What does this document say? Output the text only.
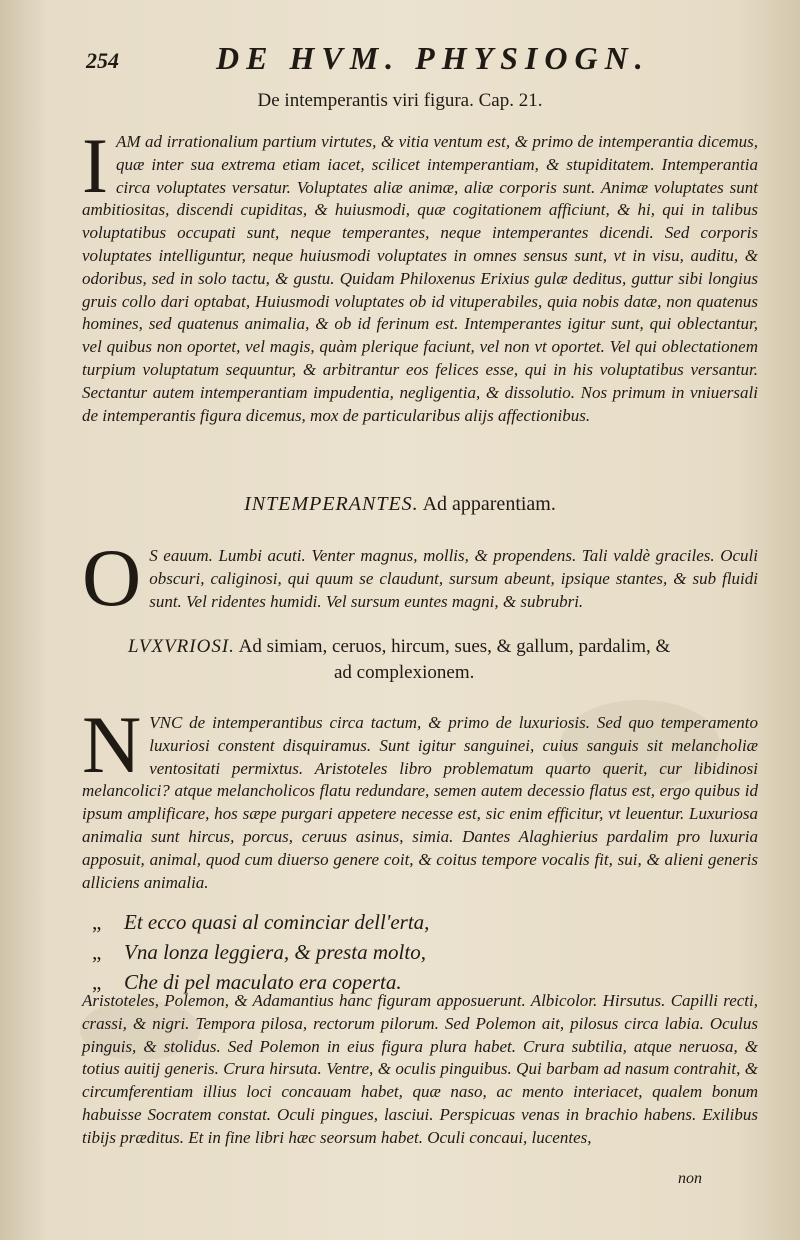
254	DE HVM. PHYSIOGN.
De intemperantis viri figura. Cap. 21.
I AM ad irrationalium partium virtutes, & vitia ventum est, & primo de intemperantia dicemus, quæ inter sua extrema etiam iacet, scilicet intemperantiam, & stupiditatem. Intemperantia circa voluptates versatur. Voluptates aliæ animæ, aliæ corporis sunt. Animæ voluptates sunt ambitiositas, discendi cupiditas, & huiusmodi, quæ cogitationem afficiunt, & hi, qui in talibus voluptatibus occupati sunt, neque temperantes, neque intemperantes dicendi. Sed corporis voluptates intelliguntur, neque huiusmodi voluptates in omnes sensus sunt, vt in visu, auditu, & odoribus, sed in solo tactu, & gustu. Quidam Philoxenus Erixius gulæ deditus, guttur sibi longius gruis collo dari optabat, Huiusmodi voluptates ob id vituperabiles, quia nobis datæ, non quatenus homines, sed quatenus animalia, & ob id ferinum est. Intemperantes igitur sunt, qui oblectantur, vel quibus non oportet, vel magis, quàm plerique faciunt, vel non vt oportet. Vel qui oblectationem turpium voluptatum sequuntur, & arbitrantur eos felices esse, qui in his voluptatibus versantur. Sectantur autem intemperantiam impudentia, negligentia, & dissolutio. Nos primum in vniuersali de intemperantis figura dicemus, mox de particularibus alijs affectionibus.
INTEMPERANTES. Ad apparentiam.
O S eauum. Lumbi acuti. Venter magnus, mollis, & propendens. Tali valdè graciles. Oculi obscuri, caliginosi, qui quum se claudunt, sursum abeunt, ipsique stantes, & sub fluidi sunt. Vel ridentes humidi. Vel sursum euntes magni, & subrubri.
LVXVRIOSI. Ad simiam, ceruos, hircum, sues, & gallum, pardalim, &
ad complexionem.
N VNC de intemperantibus circa tactum, & primo de luxuriosis. Sed quo temperamento luxuriosi constent disquiramus. Sunt igitur sanguinei, cuius sanguis sit melancholiæ ventositati permixtus. Aristoteles libro problematum quarto querit, cur libidinosi melancolici? atque melancholicos flatu redundare, semen autem decessio flatus est, ergo quibus id ipsum amplificare, hos sæpe purgari appetere necesse est, sic enim efficitur, vt leuentur. Luxuriosa animalia sunt hircus, porcus, ceruus asinus, simia. Dantes Alaghierius pardalim pro luxuria apposuit, animal, quod cum diuerso genere coit, & coitus tempore vocalis fit, sui, & alieni generis alliciens animalia.
„ Et ecco quasi al cominciar dell'erta,
„ Vna lonza leggiera, & presta molto,
„ Che di pel maculato era coperta.
Aristoteles, Polemon, & Adamantius hanc figuram apposuerunt. Albicolor. Hirsutus. Capilli recti, crassi, & nigri. Tempora pilosa, rectorum pilorum. Sed Polemon ait, pilosus circa labia. Oculus pinguis, & stolidus. Sed Polemon in eius figura plura habet. Crura subtilia, atque neruosa, & totius auitij generis. Crura hirsuta. Ventre, & oculis pinguibus. Qui barbam ad nasum contrahit, & circumferentiam illius loci concauam habet, quæ naso, ac mento interiacet, qualem bonum habuisse Socratem constat. Oculi pingues, lasciui. Perspicuas venas in brachio habens. Exilibus tibijs præditus. Et in fine libri hæc seorsum habet. Oculi concaui, lucentes,
non
